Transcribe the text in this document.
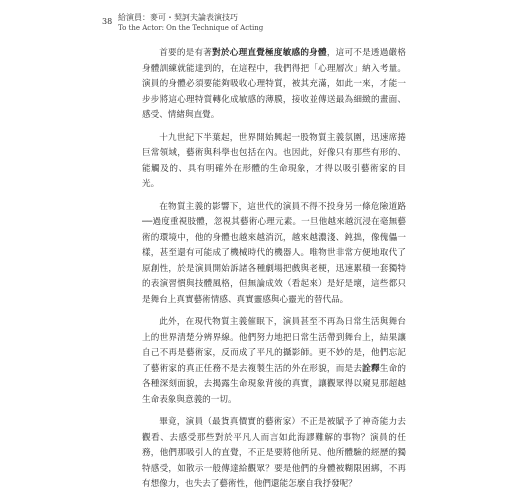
38 給演員：麥可・契訶夫論表演技巧
To the Actor: On the Technique of Acting

首要的是有著對於心理直覺極度敏感的身體，這可不是透過嚴格身體訓練就能達到的，在這程中，我們得把「心理層次」納入考量。演員的身體必須要能夠吸收心理特質，被其充滿，如此一來，才能一步步將這心理特質轉化成敏感的薄膜，接收並傳送最為細緻的畫面、感受、情緒與直覺。

十九世紀下半葉起，世界開始興起一股物質主義氛圍，迅速席捲巨常領域，藝術與科學也包括在內。也因此，好像只有那些有形的、能觸及的、具有明確外在形體的生命現象，才得以吸引藝術家的目光。

在物質主義的影響下，這世代的演員不得不投身另一條危險道路──過度重視肢體，忽視其藝術心理元素。一旦他越來越沉浸在毫無藝術的環境中，他的身體也越來越消沉，越來越濃淺、鈍拙，像傀儡一樣，甚至還有可能成了機械時代的機器人。唯物世非常方便地取代了原創性，於是演員開始訴諸各種劇場把戲與老梗，迅速累積一套獨特的表演習慣與技體風格，但無論成效（看起來）是好是壞，這些都只是舞台上真實藝術情感、真實靈感與心靈光的替代品。

此外，在現代物質主義催眠下，演員甚至不再為日常生活與舞台上的世界清楚分辨界線。他們努力地把日常生活帶到舞台上，結果讓自己不再是藝術家，反而成了平凡的攝影師。更不妙的是，他們忘記了藝術家的真正任務不是去複製生活的外在形貌，而是去詮釋生命的各種深刻面貌，去揭露生命現象背後的真實，讓觀眾得以窺見那超越生命表象與意義的一切。

畢竟，演員（最貨真價實的藝術家）不正是被賦予了神奇能力去觀看、去感受那些對於平凡人而言如此海謬難解的事物？演員的任務，他們那吸引人的直覺，不正是要將他所見、他所體驗的經歷的獨特感受，如散示一般傳達給觀眾？要是他們的身體被糊限困綁，不再有想像力，也失去了藝術性，他們還能怎麼自我抒發呢？
